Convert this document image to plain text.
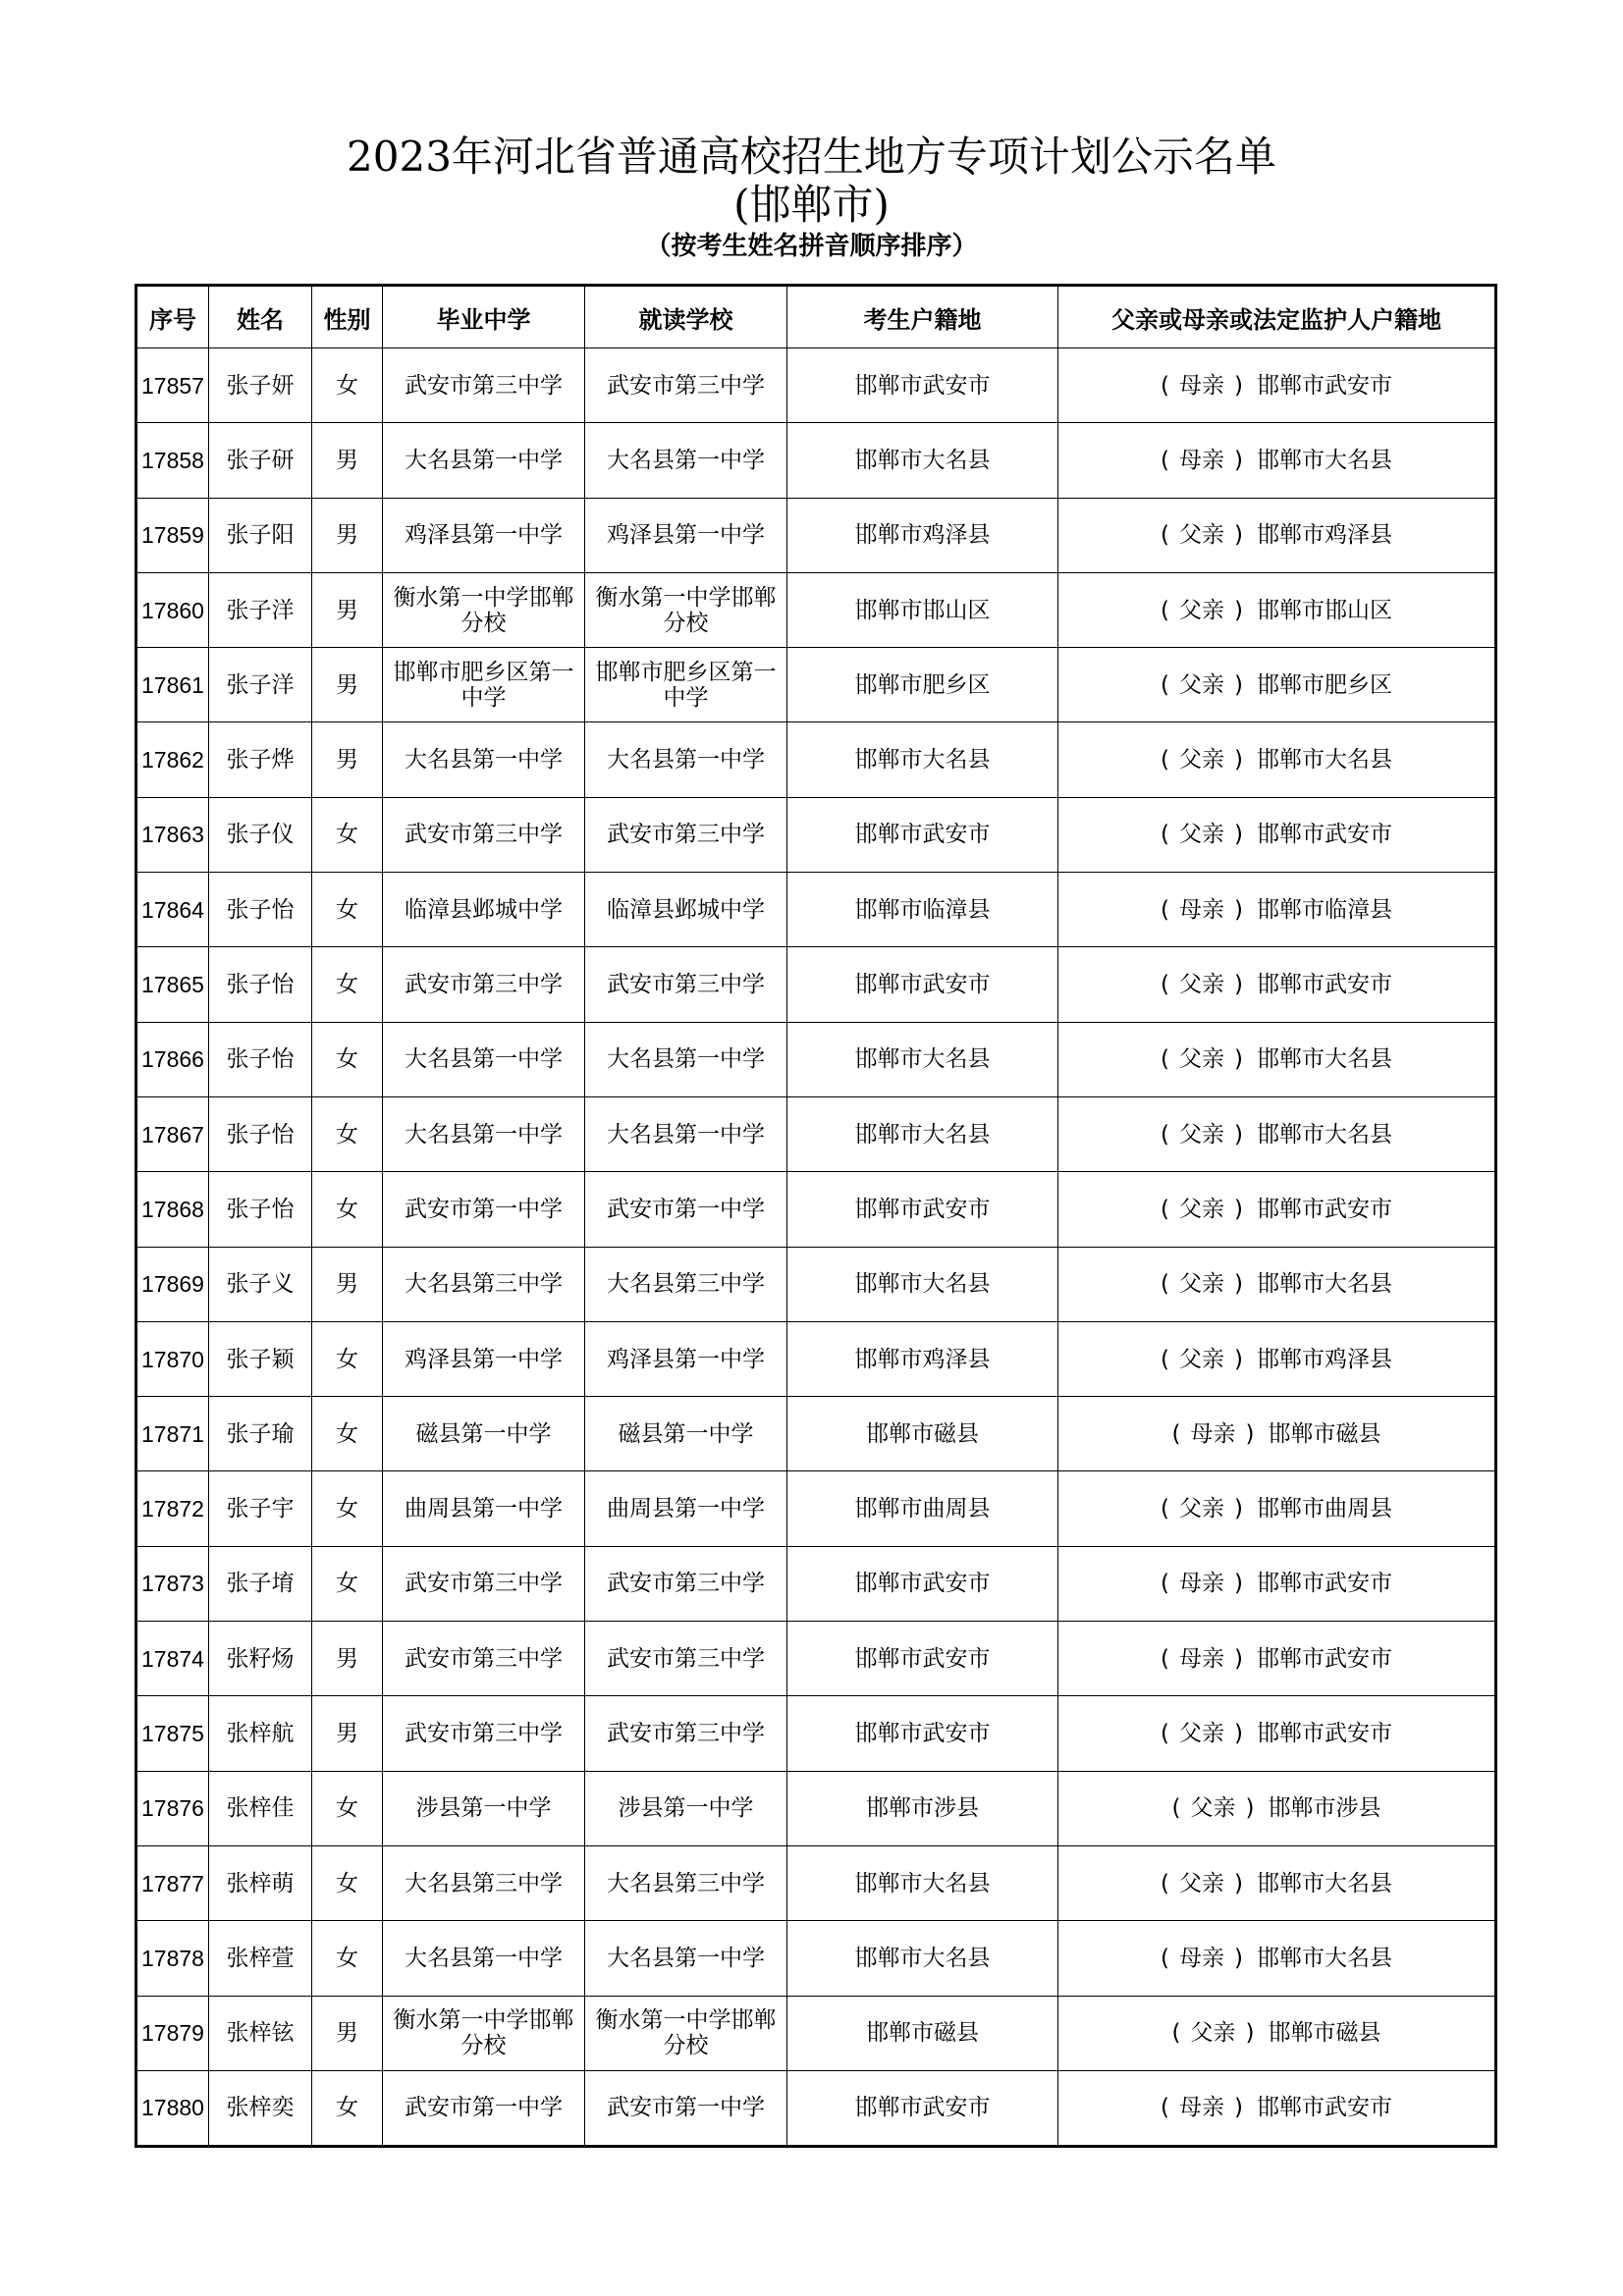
2023年河北省普通高校招生地方专项计划公示名单
(邯郸市)
（按考生姓名拼音顺序排序）
序号	姓名	性别	毕业中学	就读学校	考生户籍地	父亲或母亲或法定监护人户籍地
17857	张子妍	女	武安市第三中学	武安市第三中学	邯郸市武安市	( 母亲 ) 邯郸市武安市
17858	张子研	男	大名县第一中学	大名县第一中学	邯郸市大名县	( 母亲 ) 邯郸市大名县
17859	张子阳	男	鸡泽县第一中学	鸡泽县第一中学	邯郸市鸡泽县	( 父亲 ) 邯郸市鸡泽县
17860	张子洋	男	衡水第一中学邯郸分校	衡水第一中学邯郸分校	邯郸市邯山区	( 父亲 ) 邯郸市邯山区
17861	张子洋	男	邯郸市肥乡区第一中学	邯郸市肥乡区第一中学	邯郸市肥乡区	( 父亲 ) 邯郸市肥乡区
17862	张子烨	男	大名县第一中学	大名县第一中学	邯郸市大名县	( 父亲 ) 邯郸市大名县
17863	张子仪	女	武安市第三中学	武安市第三中学	邯郸市武安市	( 父亲 ) 邯郸市武安市
17864	张子怡	女	临漳县邺城中学	临漳县邺城中学	邯郸市临漳县	( 母亲 ) 邯郸市临漳县
17865	张子怡	女	武安市第三中学	武安市第三中学	邯郸市武安市	( 父亲 ) 邯郸市武安市
17866	张子怡	女	大名县第一中学	大名县第一中学	邯郸市大名县	( 父亲 ) 邯郸市大名县
17867	张子怡	女	大名县第一中学	大名县第一中学	邯郸市大名县	( 父亲 ) 邯郸市大名县
17868	张子怡	女	武安市第一中学	武安市第一中学	邯郸市武安市	( 父亲 ) 邯郸市武安市
17869	张子义	男	大名县第三中学	大名县第三中学	邯郸市大名县	( 父亲 ) 邯郸市大名县
17870	张子颖	女	鸡泽县第一中学	鸡泽县第一中学	邯郸市鸡泽县	( 父亲 ) 邯郸市鸡泽县
17871	张子瑜	女	磁县第一中学	磁县第一中学	邯郸市磁县	( 母亲 ) 邯郸市磁县
17872	张子宇	女	曲周县第一中学	曲周县第一中学	邯郸市曲周县	( 父亲 ) 邯郸市曲周县
17873	张子堉	女	武安市第三中学	武安市第三中学	邯郸市武安市	( 母亲 ) 邯郸市武安市
17874	张籽炀	男	武安市第三中学	武安市第三中学	邯郸市武安市	( 母亲 ) 邯郸市武安市
17875	张梓航	男	武安市第三中学	武安市第三中学	邯郸市武安市	( 父亲 ) 邯郸市武安市
17876	张梓佳	女	涉县第一中学	涉县第一中学	邯郸市涉县	( 父亲 ) 邯郸市涉县
17877	张梓萌	女	大名县第三中学	大名县第三中学	邯郸市大名县	( 父亲 ) 邯郸市大名县
17878	张梓萱	女	大名县第一中学	大名县第一中学	邯郸市大名县	( 母亲 ) 邯郸市大名县
17879	张梓铉	男	衡水第一中学邯郸分校	衡水第一中学邯郸分校	邯郸市磁县	( 父亲 ) 邯郸市磁县
17880	张梓奕	女	武安市第一中学	武安市第一中学	邯郸市武安市	( 母亲 ) 邯郸市武安市
